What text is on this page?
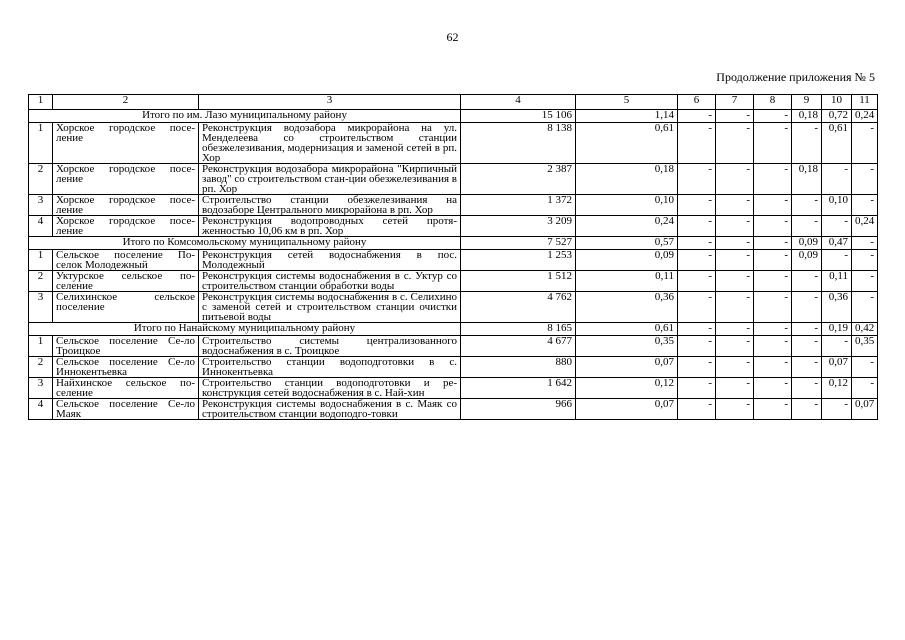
62
Продолжение приложения № 5
1	2	3	4	5	6	7	8	9	10	11
Итого по им. Лазо муниципальному району			15 106	1,14	-	-	-	0,18	0,72	0,24
1	Хорское городское посе-ление	Реконструкция водозабора микрорайона на ул. Менделеева со строительством станции обезжелезивания, модернизация и заменой сетей в рп. Хор	8 138	0,61	-	-	-	-	0,61	-
2	Хорское городское посе-ление	Реконструкция водозабора микрорайона "Кирпичный завод" со строительством стан-ции обезжелезивания в рп. Хор	2 387	0,18	-	-	-	0,18	-	-
3	Хорское городское посе-ление	Строительство станции обезжелезивания на водозаборе Центрального микрорайона в рп. Хор	1 372	0,10	-	-	-	-	0,10	-
4	Хорское городское посе-ление	Реконструкция водопроводных сетей протя-женностью 10,06 км в рп. Хор	3 209	0,24	-	-	-	-	-	0,24
Итого по Комсомольскому муниципальному району			7 527	0,57	-	-	-	0,09	0,47	-
1	Сельское поселение По-селок Молодежный	Реконструкция сетей водоснабжения в пос. Молодежный	1 253	0,09	-	-	-	0,09	-	-
2	Уктурское сельское по-селение	Реконструкция системы водоснабжения в с. Уктур со строительством станции обработки воды	1 512	0,11	-	-	-	-	0,11	-
3	Селихинское сельское поселение	Реконструкция системы водоснабжения в с. Селихино с заменой сетей и строительством станции очистки питьевой воды	4 762	0,36	-	-	-	-	0,36	-
Итого по Нанайскому муниципальному району			8 165	0,61	-	-	-	-	0,19	0,42
1	Сельское поселение Се-ло Троицкое	Строительство системы централизованного водоснабжения в с. Троицкое	4 677	0,35	-	-	-	-	-	0,35
2	Сельское поселение Се-ло Иннокентьевка	Строительство станции водоподготовки в с. Иннокентьевка	880	0,07	-	-	-	-	0,07	-
3	Найхинское сельское по-селение	Строительство станции водоподготовки и ре-конструкция сетей водоснабжения в с. Най-хин	1 642	0,12	-	-	-	-	0,12	-
4	Сельское поселение Се-ло Маяк	Реконструкция системы водоснабжения в с. Маяк со строительством станции водоподго-товки	966	0,07	-	-	-	-	-	0,07
